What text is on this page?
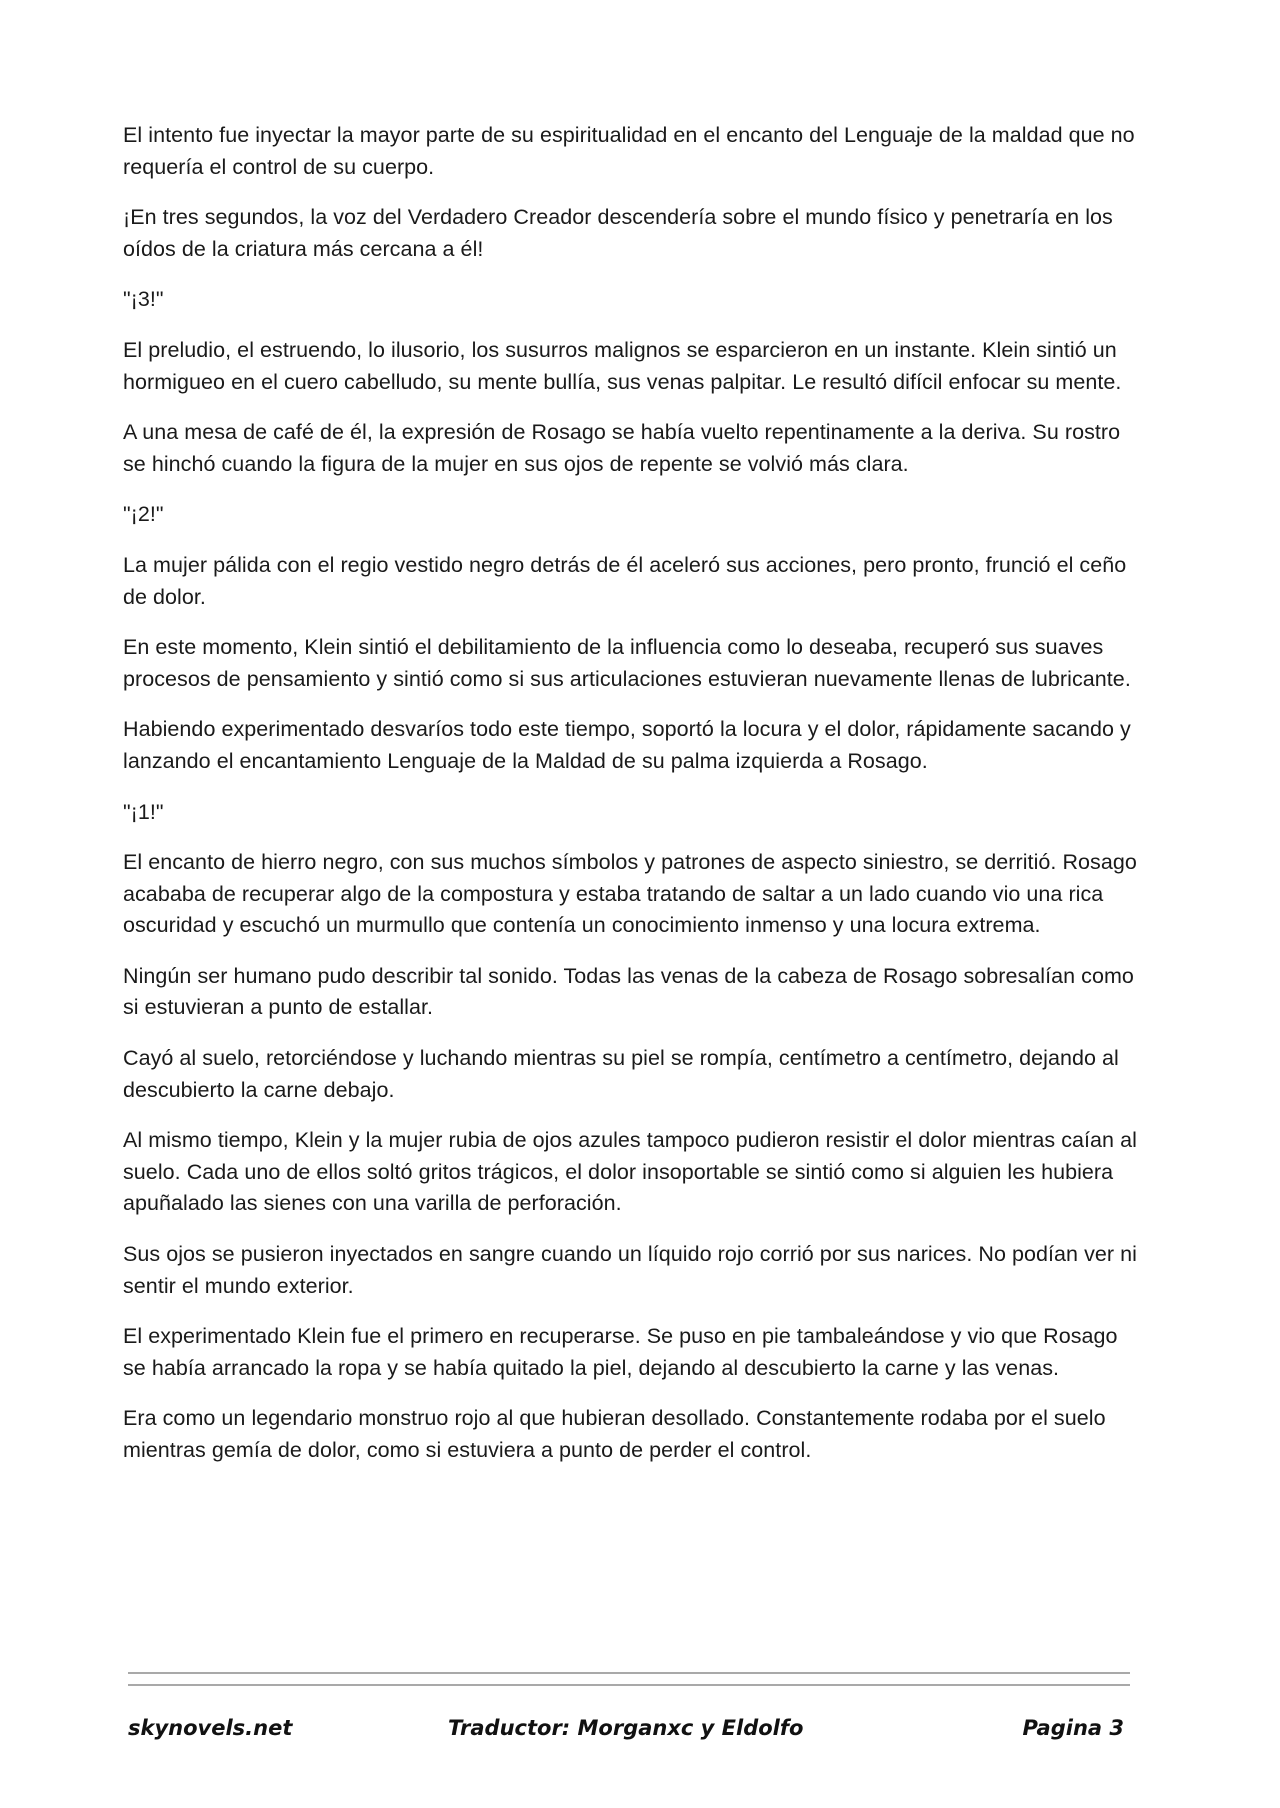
El intento fue inyectar la mayor parte de su espiritualidad en el encanto del Lenguaje de la maldad que no requería el control de su cuerpo.

¡En tres segundos, la voz del Verdadero Creador descendería sobre el mundo físico y penetraría en los oídos de la criatura más cercana a él!

"¡3!"

El preludio, el estruendo, lo ilusorio, los susurros malignos se esparcieron en un instante. Klein sintió un hormigueo en el cuero cabelludo, su mente bullía, sus venas palpitar. Le resultó difícil enfocar su mente.

A una mesa de café de él, la expresión de Rosago se había vuelto repentinamente a la deriva. Su rostro se hinchó cuando la figura de la mujer en sus ojos de repente se volvió más clara.

"¡2!"

La mujer pálida con el regio vestido negro detrás de él aceleró sus acciones, pero pronto, frunció el ceño de dolor.

En este momento, Klein sintió el debilitamiento de la influencia como lo deseaba, recuperó sus suaves procesos de pensamiento y sintió como si sus articulaciones estuvieran nuevamente llenas de lubricante.

Habiendo experimentado desvaríos todo este tiempo, soportó la locura y el dolor, rápidamente sacando y lanzando el encantamiento Lenguaje de la Maldad de su palma izquierda a Rosago.

"¡1!"

El encanto de hierro negro, con sus muchos símbolos y patrones de aspecto siniestro, se derritió. Rosago acababa de recuperar algo de la compostura y estaba tratando de saltar a un lado cuando vio una rica oscuridad y escuchó un murmullo que contenía un conocimiento inmenso y una locura extrema.

Ningún ser humano pudo describir tal sonido. Todas las venas de la cabeza de Rosago sobresalían como si estuvieran a punto de estallar.

Cayó al suelo, retorciéndose y luchando mientras su piel se rompía, centímetro a centímetro, dejando al descubierto la carne debajo.

Al mismo tiempo, Klein y la mujer rubia de ojos azules tampoco pudieron resistir el dolor mientras caían al suelo. Cada uno de ellos soltó gritos trágicos, el dolor insoportable se sintió como si alguien les hubiera apuñalado las sienes con una varilla de perforación.

Sus ojos se pusieron inyectados en sangre cuando un líquido rojo corrió por sus narices. No podían ver ni sentir el mundo exterior.

El experimentado Klein fue el primero en recuperarse. Se puso en pie tambaleándose y vio que Rosago se había arrancado la ropa y se había quitado la piel, dejando al descubierto la carne y las venas.

Era como un legendario monstruo rojo al que hubieran desollado. Constantemente rodaba por el suelo mientras gemía de dolor, como si estuviera a punto de perder el control.

skynovels.net	Traductor: Morganxc y Eldolfo	Pagina 3
